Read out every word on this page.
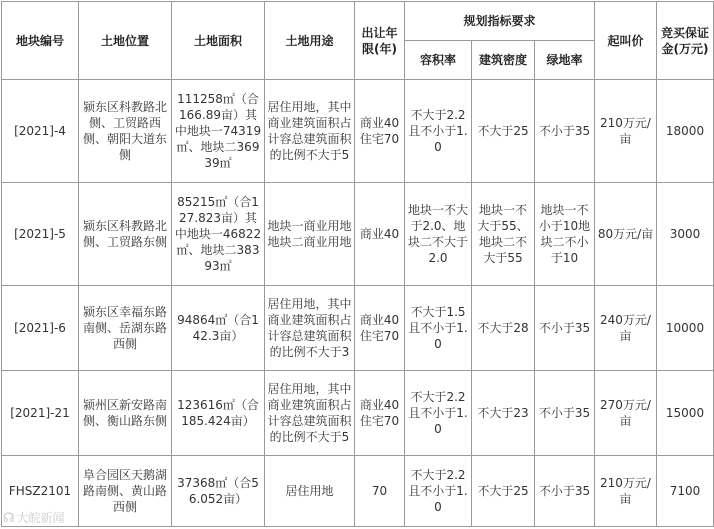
地块编号	土地位置	土地面积	土地用途	出让年限(年)	规划指标要求			起叫价	竞买保证金(万元)
					容积率	建筑密度	绿地率		
[2021]-4	颍东区科教路北侧、工贸路西侧、朝阳大道东侧	111258㎡（合166.89亩）其中地块一74319㎡、地块二36939㎡	居住用地，其中商业建筑面积占计容总建筑面积的比例不大于5	商业40住宅70	不大于2.2且不小于1.0	不大于25	不小于35	210万元/亩	18000
[2021]-5	颍东区科教路北侧、工贸路东侧	85215㎡（合127.823亩）其中地块一46822㎡、地块二38393㎡	地块一商业用地地块二商业用地	商业40	地块一不大于2.0、地块二不大于2.0	地块一不大于55、地块二不大于55	地块一不小于10地块二不小于10	80万元/亩	3000
[2021]-6	颍东区幸福东路南侧、岳湖东路西侧	94864㎡（合142.3亩）	居住用地，其中商业建筑面积占计容总建筑面积的比例不大于3	商业40住宅70	不大于1.5且不小于1.0	不大于28	不小于35	240万元/亩	10000
[2021]-21	颍州区新安路南侧、衡山路东侧	123616㎡（合185.424亩）	居住用地，其中商业建筑面积占计容总建筑面积的比例不大于5	商业40住宅70	不大于2.2且不小于1.0	不大于23	不小于35	270万元/亩	15000
FHSZ2101	阜合园区天鹅湖路南侧、黄山路西侧	37368㎡（合56.052亩）	居住用地	70	不大于2.2且不小于1.0	不大于25	不小于35	210万元/亩	7100
☊ 大皖新闻
